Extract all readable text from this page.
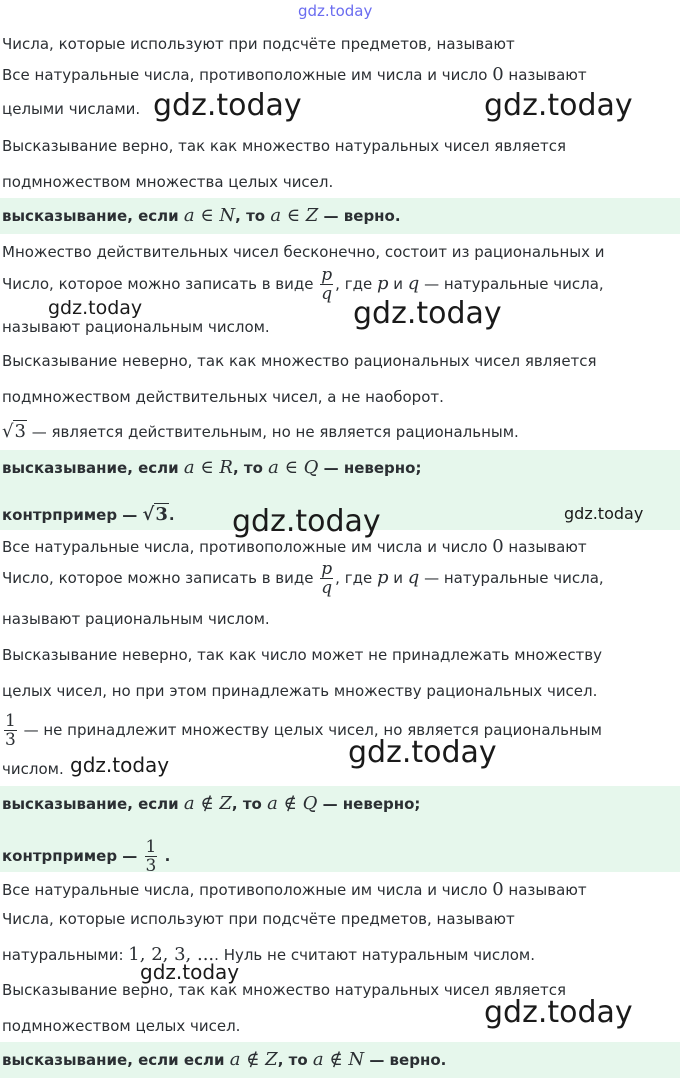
Числа, которые используют при подсчёте предметов, называют
Все натуральные числа, противоположные им числа и число 0 называют
целыми числами.
Высказывание верно, так как множество натуральных чисел является
подмножеством множества целых чисел.
высказывание, если a ∈ N, то a ∈ Z — верно.
Множество действительных чисел бесконечно, состоит из рациональных и
Число, которое можно записать в виде $\frac{p}{q}$ , где p и q — натуральные числа,
называют рациональным числом.
Высказывание неверно, так как множество рациональных чисел является
подмножеством действительных чисел, а не наоборот.
√3 — является действительным, но не является рациональным.
высказывание, если a ∈ R, то a ∈ Q — неверно;
контрпример — √3.
Все натуральные числа, противоположные им числа и число 0 называют
Число, которое можно записать в виде $\frac{p}{q}$ , где p и q — натуральные числа,
называют рациональным числом.
Высказывание неверно, так как число может не принадлежать множеству
целых чисел, но при этом принадлежать множеству рациональных чисел.
$\frac{1}{3}$ — не принадлежит множеству целых чисел, но является рациональным
числом.
высказывание, если a ∉ Z, то a ∉ Q — неверно;
контрпример — $\frac{1}{3}$ .
Все натуральные числа, противоположные им числа и число 0 называют
Числа, которые используют при подсчёте предметов, называют
натуральными: 1, 2, 3, .... Нуль не считают натуральным числом.
Высказывание верно, так как множество натуральных чисел является
подмножеством целых чисел.
высказывание, если если a ∉ Z, то a ∉ N — верно.
gdz.today
gdz.today	gdz.today
gdz.today	gdz.today
gdz.today	gdz.today
gdz.today	gdz.today
gdz.today
gdz.today
